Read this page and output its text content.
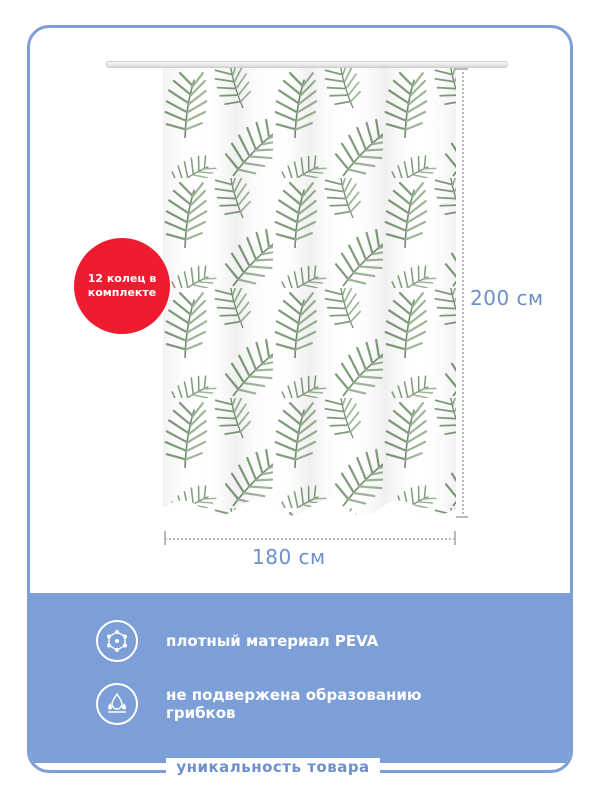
200 см
180 см
12 колец в комплекте
плотный материал PEVA
не подвержена образованию грибков
уникальность товара
